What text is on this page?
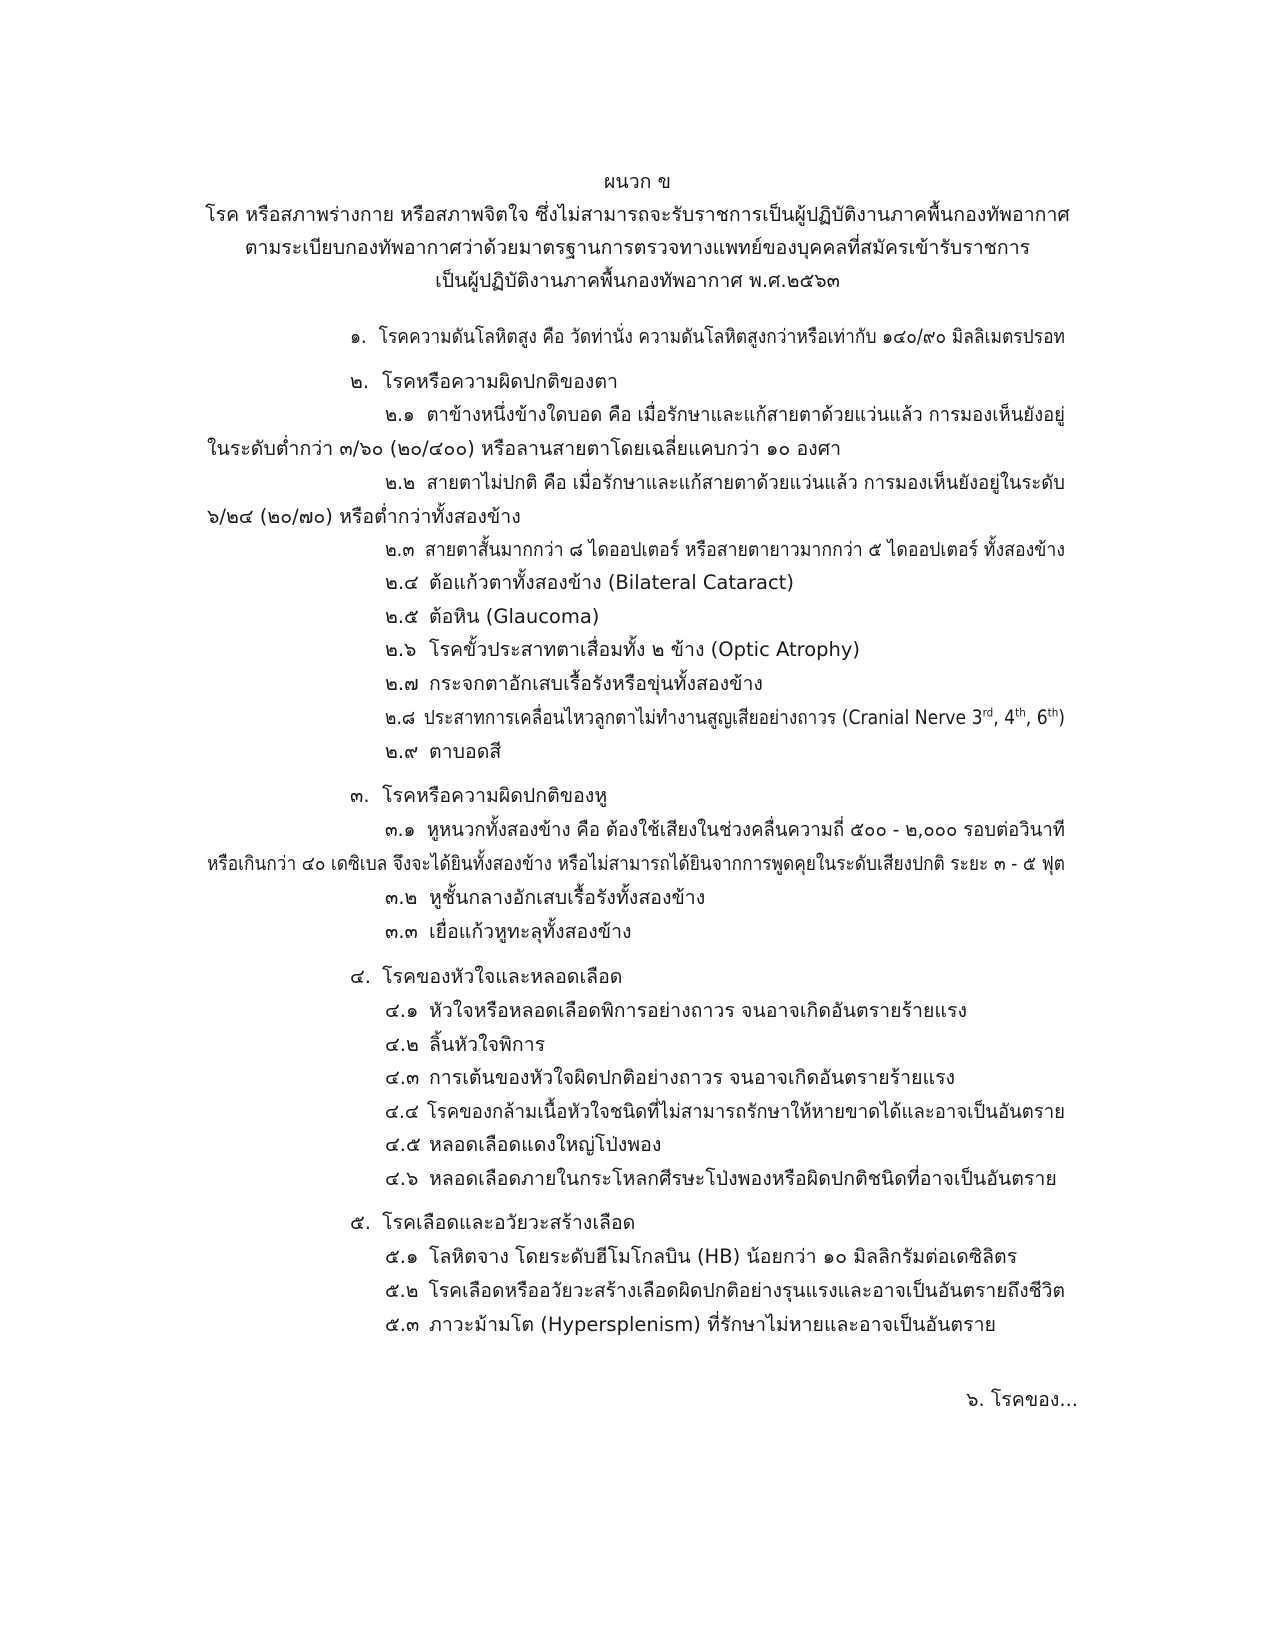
ผนวก ข
โรค หรือสภาพร่างกาย หรือสภาพจิตใจ ซึ่งไม่สามารถจะรับราชการเป็นผู้ปฏิบัติงานภาคพื้นกองทัพอากาศ
ตามระเบียบกองทัพอากาศว่าด้วยมาตรฐานการตรวจทางแพทย์ของบุคคลที่สมัครเข้ารับราชการ
เป็นผู้ปฏิบัติงานภาคพื้นกองทัพอากาศ พ.ศ.๒๕๖๓
๑. โรคความดันโลหิตสูง คือ วัดท่านั่ง ความดันโลหิตสูงกว่าหรือเท่ากับ ๑๔๐/๙๐ มิลลิเมตรปรอท
๒. โรคหรือความผิดปกติของตา
๒.๑ ตาข้างหนึ่งข้างใดบอด คือ เมื่อรักษาและแก้สายตาด้วยแว่นแล้ว การมองเห็นยังอยู่
ในระดับต่ำกว่า ๓/๖๐ (๒๐/๔๐๐) หรือลานสายตาโดยเฉลี่ยแคบกว่า ๑๐ องศา
๒.๒ สายตาไม่ปกติ คือ เมื่อรักษาและแก้สายตาด้วยแว่นแล้ว การมองเห็นยังอยู่ในระดับ
๖/๒๔ (๒๐/๗๐) หรือต่ำกว่าทั้งสองข้าง
๒.๓ สายตาสั้นมากกว่า ๘ ไดออปเตอร์ หรือสายตายาวมากกว่า ๕ ไดออปเตอร์ ทั้งสองข้าง
๒.๔ ต้อแก้วตาทั้งสองข้าง (Bilateral Cataract)
๒.๕ ต้อหิน (Glaucoma)
๒.๖ โรคขั้วประสาทตาเสื่อมทั้ง ๒ ข้าง (Optic Atrophy)
๒.๗ กระจกตาอักเสบเรื้อรังหรือขุ่นทั้งสองข้าง
๒.๘ ประสาทการเคลื่อนไหวลูกตาไม่ทำงานสูญเสียอย่างถาวร (Cranial Nerve 3rd, 4th, 6th)
๒.๙ ตาบอดสี
๓. โรคหรือความผิดปกติของหู
๓.๑ หูหนวกทั้งสองข้าง คือ ต้องใช้เสียงในช่วงคลื่นความถี่ ๕๐๐ - ๒,๐๐๐ รอบต่อวินาที
หรือเกินกว่า ๔๐ เดซิเบล จึงจะได้ยินทั้งสองข้าง หรือไม่สามารถได้ยินจากการพูดคุยในระดับเสียงปกติ ระยะ ๓ - ๕ ฟุต
๓.๒ หูชั้นกลางอักเสบเรื้อรังทั้งสองข้าง
๓.๓ เยื่อแก้วหูทะลุทั้งสองข้าง
๔. โรคของหัวใจและหลอดเลือด
๔.๑ หัวใจหรือหลอดเลือดพิการอย่างถาวร จนอาจเกิดอันตรายร้ายแรง
๔.๒ ลิ้นหัวใจพิการ
๔.๓ การเต้นของหัวใจผิดปกติอย่างถาวร จนอาจเกิดอันตรายร้ายแรง
๔.๔ โรคของกล้ามเนื้อหัวใจชนิดที่ไม่สามารถรักษาให้หายขาดได้และอาจเป็นอันตราย
๔.๕ หลอดเลือดแดงใหญ่โป่งพอง
๔.๖ หลอดเลือดภายในกระโหลกศีรษะโป่งพองหรือผิดปกติชนิดที่อาจเป็นอันตราย
๕. โรคเลือดและอวัยวะสร้างเลือด
๕.๑ โลหิตจาง โดยระดับฮีโมโกลบิน (HB) น้อยกว่า ๑๐ มิลลิกรัมต่อเดซิลิตร
๕.๒ โรคเลือดหรืออวัยวะสร้างเลือดผิดปกติอย่างรุนแรงและอาจเป็นอันตรายถึงชีวิต
๕.๓ ภาวะม้ามโต (Hypersplenism) ที่รักษาไม่หายและอาจเป็นอันตราย
๖. โรคของ...
